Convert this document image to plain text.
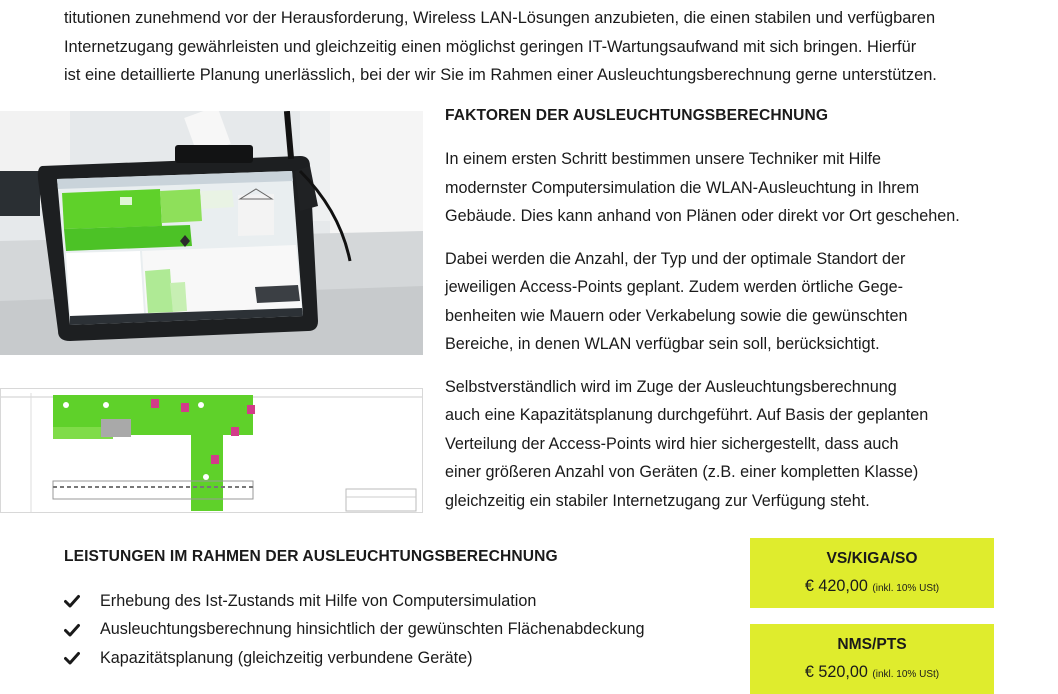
titutionen zunehmend vor der Herausforderung, Wireless LAN-Lösungen anzubieten, die einen stabilen und verfügbaren
Internetzugang gewährleisten und gleichzeitig einen möglichst geringen IT-Wartungsaufwand mit sich bringen. Hierfür
ist eine detaillierte Planung unerlässlich, bei der wir Sie im Rahmen einer Ausleuchtungsberechnung gerne unterstützen.
FAKTOREN DER AUSLEUCHTUNGSBERECHNUNG

In einem ersten Schritt bestimmen unsere Techniker mit Hilfe
modernster Computersimulation die WLAN-Ausleuchtung in Ihrem
Gebäude. Dies kann anhand von Plänen oder direkt vor Ort geschehen.

Dabei werden die Anzahl, der Typ und der optimale Standort der
jeweiligen Access-Points geplant. Zudem werden örtliche Gege-
benheiten wie Mauern oder Verkabelung sowie die gewünschten
Bereiche, in denen WLAN verfügbar sein soll, berücksichtigt.

Selbstverständlich wird im Zuge der Ausleuchtungsberechnung
auch eine Kapazitätsplanung durchgeführt. Auf Basis der geplanten
Verteilung der Access-Points wird hier sichergestellt, dass auch
einer größeren Anzahl von Geräten (z.B. einer kompletten Klasse)
gleichzeitig ein stabiler Internetzugang zur Verfügung steht.

LEISTUNGEN IM RAHMEN DER AUSLEUCHTUNGSBERECHNUNG
Erhebung des Ist-Zustands mit Hilfe von Computersimulation
Ausleuchtungsberechnung hinsichtlich der gewünschten Flächenabdeckung
Kapazitätsplanung (gleichzeitig verbundene Geräte)
VS/KIGA/SO
€ 420,00 (inkl. 10% USt)
NMS/PTS
€ 520,00 (inkl. 10% USt)
